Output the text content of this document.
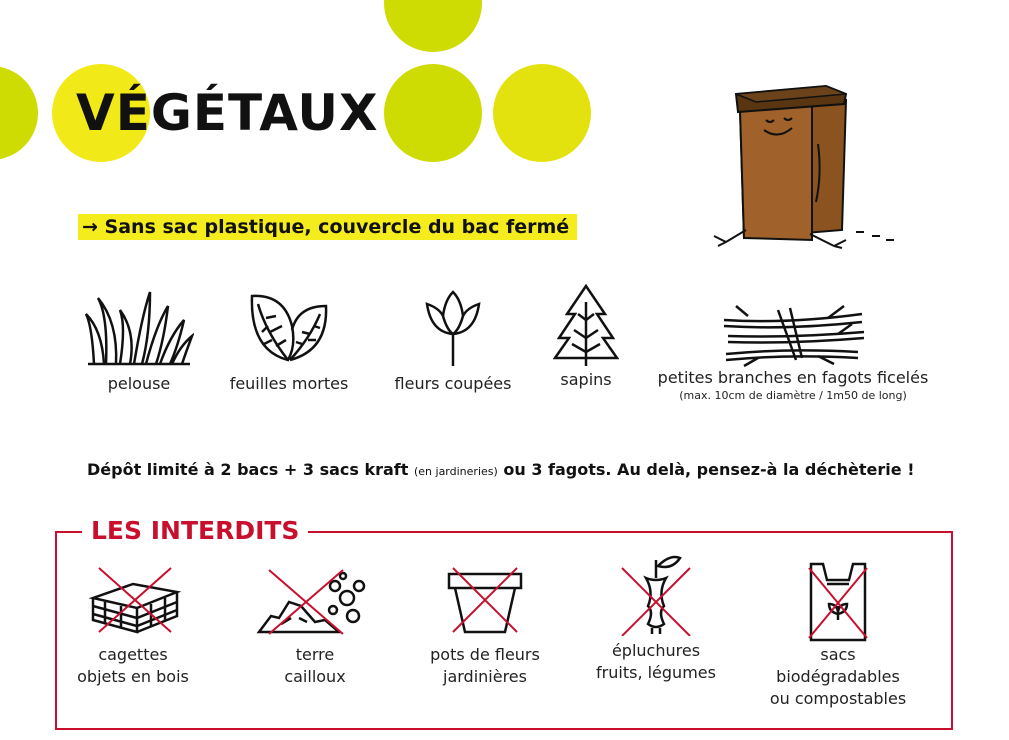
VÉGÉTAUX
→ Sans sac plastique, couvercle du bac fermé
pelouse	feuilles mortes	fleurs coupées	sapins	petites branches en fagots ficelés
(max. 10cm de diamètre / 1m50 de long)
Dépôt limité à 2 bacs + 3 sacs kraft (en jardineries) ou 3 fagots. Au delà, pensez-à la déchèterie !
LES INTERDITS
cagettes
objets en bois
terre
cailloux
pots de fleurs
jardinières
épluchures
fruits, légumes
sacs
biodégradables
ou compostables
